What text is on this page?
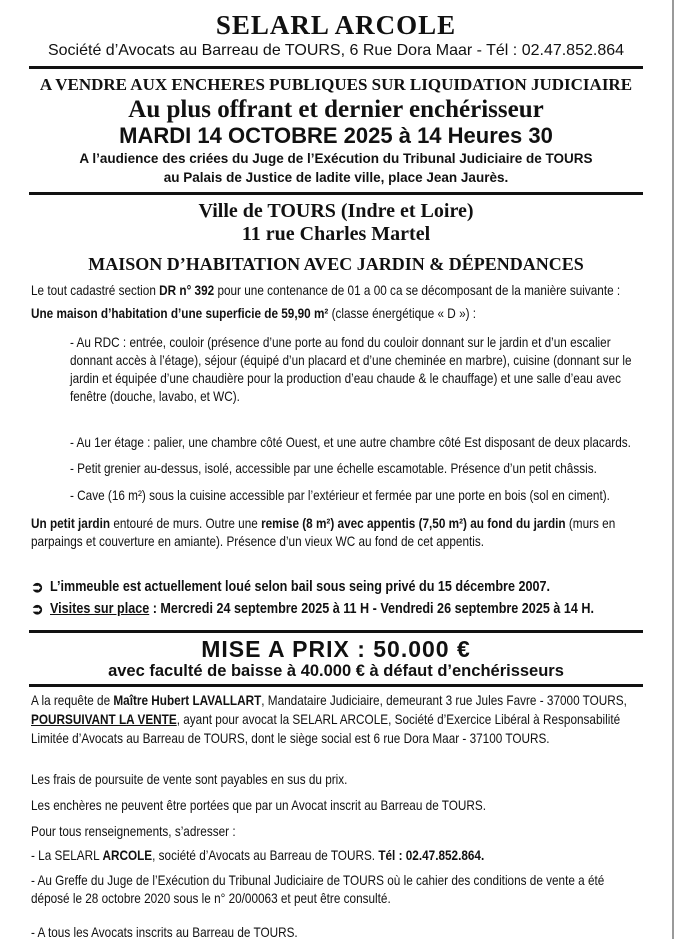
SELARL ARCOLE
Société d’Avocats au Barreau de TOURS, 6 Rue Dora Maar - Tél : 02.47.852.864
A VENDRE AUX ENCHERES PUBLIQUES SUR LIQUIDATION JUDICIAIRE
Au plus offrant et dernier enchérisseur
MARDI 14 OCTOBRE 2025 à 14 Heures 30
A l’audience des criées du Juge de l’Exécution du Tribunal Judiciaire de TOURS
au Palais de Justice de ladite ville, place Jean Jaurès.
Ville de TOURS (Indre et Loire)
11 rue Charles Martel
MAISON D’HABITATION AVEC JARDIN & DÉPENDANCES
Le tout cadastré section DR n° 392 pour une contenance de 01 a 00 ca se décomposant de la manière suivante :
Une maison d’habitation d’une superficie de 59,90 m² (classe énergétique « D ») :
- Au RDC : entrée, couloir (présence d’une porte au fond du couloir donnant sur le jardin et d’un escalier donnant accès à l’étage), séjour (équipé d’un placard et d’une cheminée en marbre), cuisine (donnant sur le jardin et équipée d’une chaudière pour la production d’eau chaude & le chauffage) et une salle d’eau avec fenêtre (douche, lavabo, et WC).
- Au 1er étage : palier, une chambre côté Ouest, et une autre chambre côté Est disposant de deux placards.
- Petit grenier au-dessus, isolé, accessible par une échelle escamotable. Présence d’un petit châssis.
- Cave (16 m²) sous la cuisine accessible par l’extérieur et fermée par une porte en bois (sol en ciment).
Un petit jardin entouré de murs. Outre une remise (8 m²) avec appentis (7,50 m²) au fond du jardin (murs en parpaings et couverture en amiante). Présence d’un vieux WC au fond de cet appentis.
➲ L’immeuble est actuellement loué selon bail sous seing privé du 15 décembre 2007.
➲ Visites sur place : Mercredi 24 septembre 2025 à 11 H - Vendredi 26 septembre 2025 à 14 H.
MISE A PRIX : 50.000 €
avec faculté de baisse à 40.000 € à défaut d’enchérisseurs
A la requête de Maître Hubert LAVALLART, Mandataire Judiciaire, demeurant 3 rue Jules Favre - 37000 TOURS, POURSUIVANT LA VENTE, ayant pour avocat la SELARL ARCOLE, Société d’Exercice Libéral à Responsabilité Limitée d’Avocats au Barreau de TOURS, dont le siège social est 6 rue Dora Maar - 37100 TOURS.
Les frais de poursuite de vente sont payables en sus du prix.
Les enchères ne peuvent être portées que par un Avocat inscrit au Barreau de TOURS.
Pour tous renseignements, s’adresser :
- La SELARL ARCOLE, société d’Avocats au Barreau de TOURS. Tél : 02.47.852.864.
- Au Greffe du Juge de l’Exécution du Tribunal Judiciaire de TOURS où le cahier des conditions de vente a été déposé le 28 octobre 2020 sous le n° 20/00063 et peut être consulté.
- A tous les Avocats inscrits au Barreau de TOURS.
